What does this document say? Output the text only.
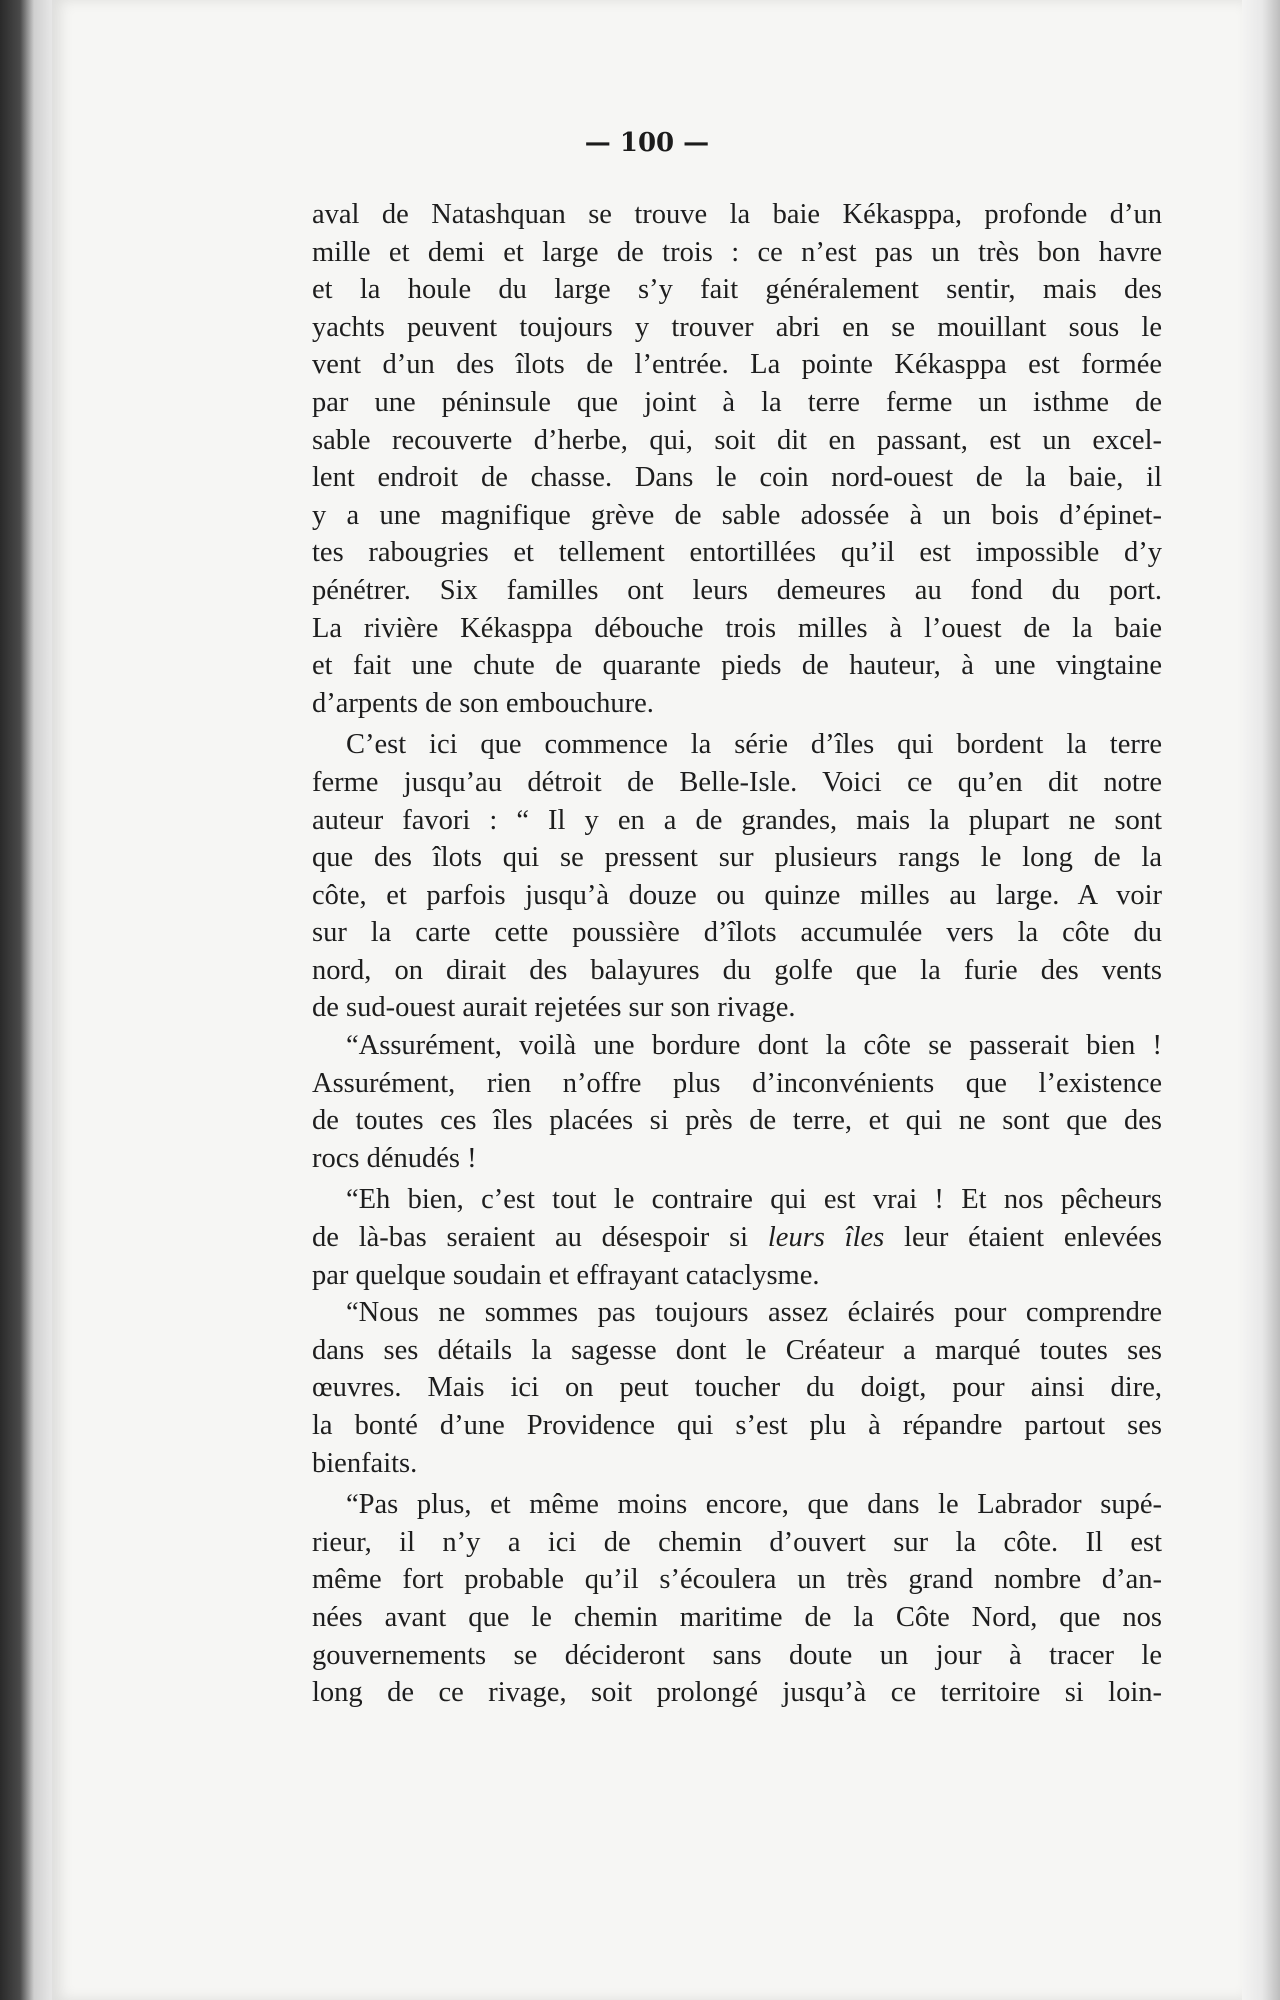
— 100 —
aval de Natashquan se trouve la baie Kékasppa, profonde d’un
mille et demi et large de trois : ce n’est pas un très bon havre
et la houle du large s’y fait généralement sentir, mais des
yachts peuvent toujours y trouver abri en se mouillant sous le
vent d’un des îlots de l’entrée. La pointe Kékasppa est formée
par une péninsule que joint à la terre ferme un isthme de
sable recouverte d’herbe, qui, soit dit en passant, est un excel-
lent endroit de chasse. Dans le coin nord-ouest de la baie, il
y a une magnifique grève de sable adossée à un bois d’épinet-
tes rabougries et tellement entortillées qu’il est impossible d’y
pénétrer. Six familles ont leurs demeures au fond du port.
La rivière Kékasppa débouche trois milles à l’ouest de la baie
et fait une chute de quarante pieds de hauteur, à une vingtaine
d’arpents de son embouchure.
C’est ici que commence la série d’îles qui bordent la terre
ferme jusqu’au détroit de Belle-Isle. Voici ce qu’en dit notre
auteur favori : “ Il y en a de grandes, mais la plupart ne sont
que des îlots qui se pressent sur plusieurs rangs le long de la
côte, et parfois jusqu’à douze ou quinze milles au large. A voir
sur la carte cette poussière d’îlots accumulée vers la côte du
nord, on dirait des balayures du golfe que la furie des vents
de sud-ouest aurait rejetées sur son rivage.
“Assurément, voilà une bordure dont la côte se passerait bien !
Assurément, rien n’offre plus d’inconvénients que l’existence
de toutes ces îles placées si près de terre, et qui ne sont que des
rocs dénudés !
“Eh bien, c’est tout le contraire qui est vrai ! Et nos pêcheurs
de là-bas seraient au désespoir si leurs îles leur étaient enlevées
par quelque soudain et effrayant cataclysme.
“Nous ne sommes pas toujours assez éclairés pour comprendre
dans ses détails la sagesse dont le Créateur a marqué toutes ses
œuvres. Mais ici on peut toucher du doigt, pour ainsi dire,
la bonté d’une Providence qui s’est plu à répandre partout ses
bienfaits.
“Pas plus, et même moins encore, que dans le Labrador supé-
rieur, il n’y a ici de chemin d’ouvert sur la côte. Il est
même fort probable qu’il s’écoulera un très grand nombre d’an-
nées avant que le chemin maritime de la Côte Nord, que nos
gouvernements se décideront sans doute un jour à tracer le
long de ce rivage, soit prolongé jusqu’à ce territoire si loin-
